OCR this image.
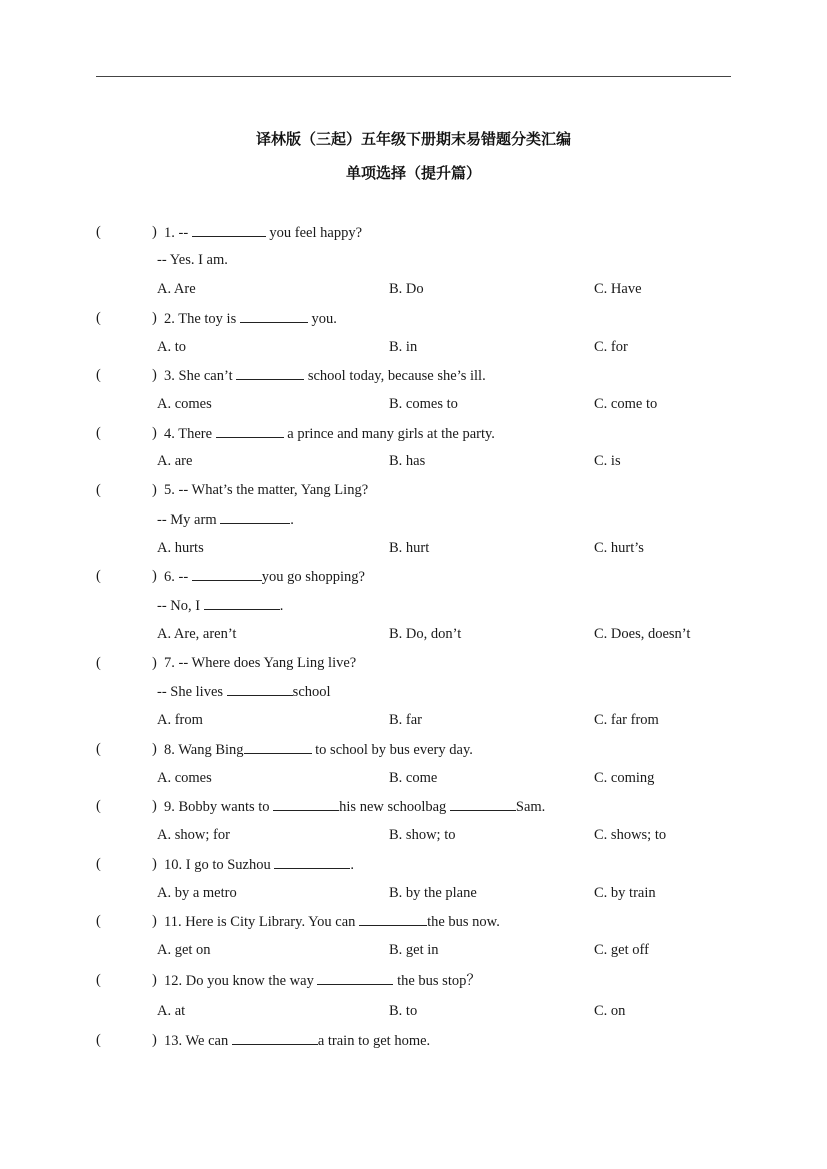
译林版（三起）五年级下册期末易错题分类汇编
单项选择（提升篇）
(	) 1. --	you feel happy?
-- Yes. I am.
A. Are	B. Do	C. Have
(	) 2. The toy is	you.
A. to	B. in	C. for
(	) 3. She can’t	school today, because she’s ill.
A. comes	B. comes to	C. come to
(	) 4. There	a prince and many girls at the party.
A. are	B. has	C. is
(	) 5. -- What’s the matter, Yang Ling?
-- My arm	.
A. hurts	B. hurt	C. hurt’s
(	) 6. --	you go shopping?
-- No, I	.
A. Are, aren’t	B. Do, don’t	C. Does, doesn’t
(	) 7. -- Where does Yang Ling live?
-- She lives	school
A. from	B. far	C. far from
(	) 8. Wang Bing	to school by bus every day.
A. comes	B. come	C. coming
(	) 9. Bobby wants to	his new schoolbag	Sam.
A. show; for	B. show; to	C. shows; to
(	) 10. I go to Suzhou	.
A. by a metro	B. by the plane	C. by train
(	) 11. Here is City Library. You can	the bus now.
A. get on	B. get in	C. get off
(	) 12. Do you know the way	the bus stop？
A. at	B. to	C. on
(	) 13. We can	a train to get home.
